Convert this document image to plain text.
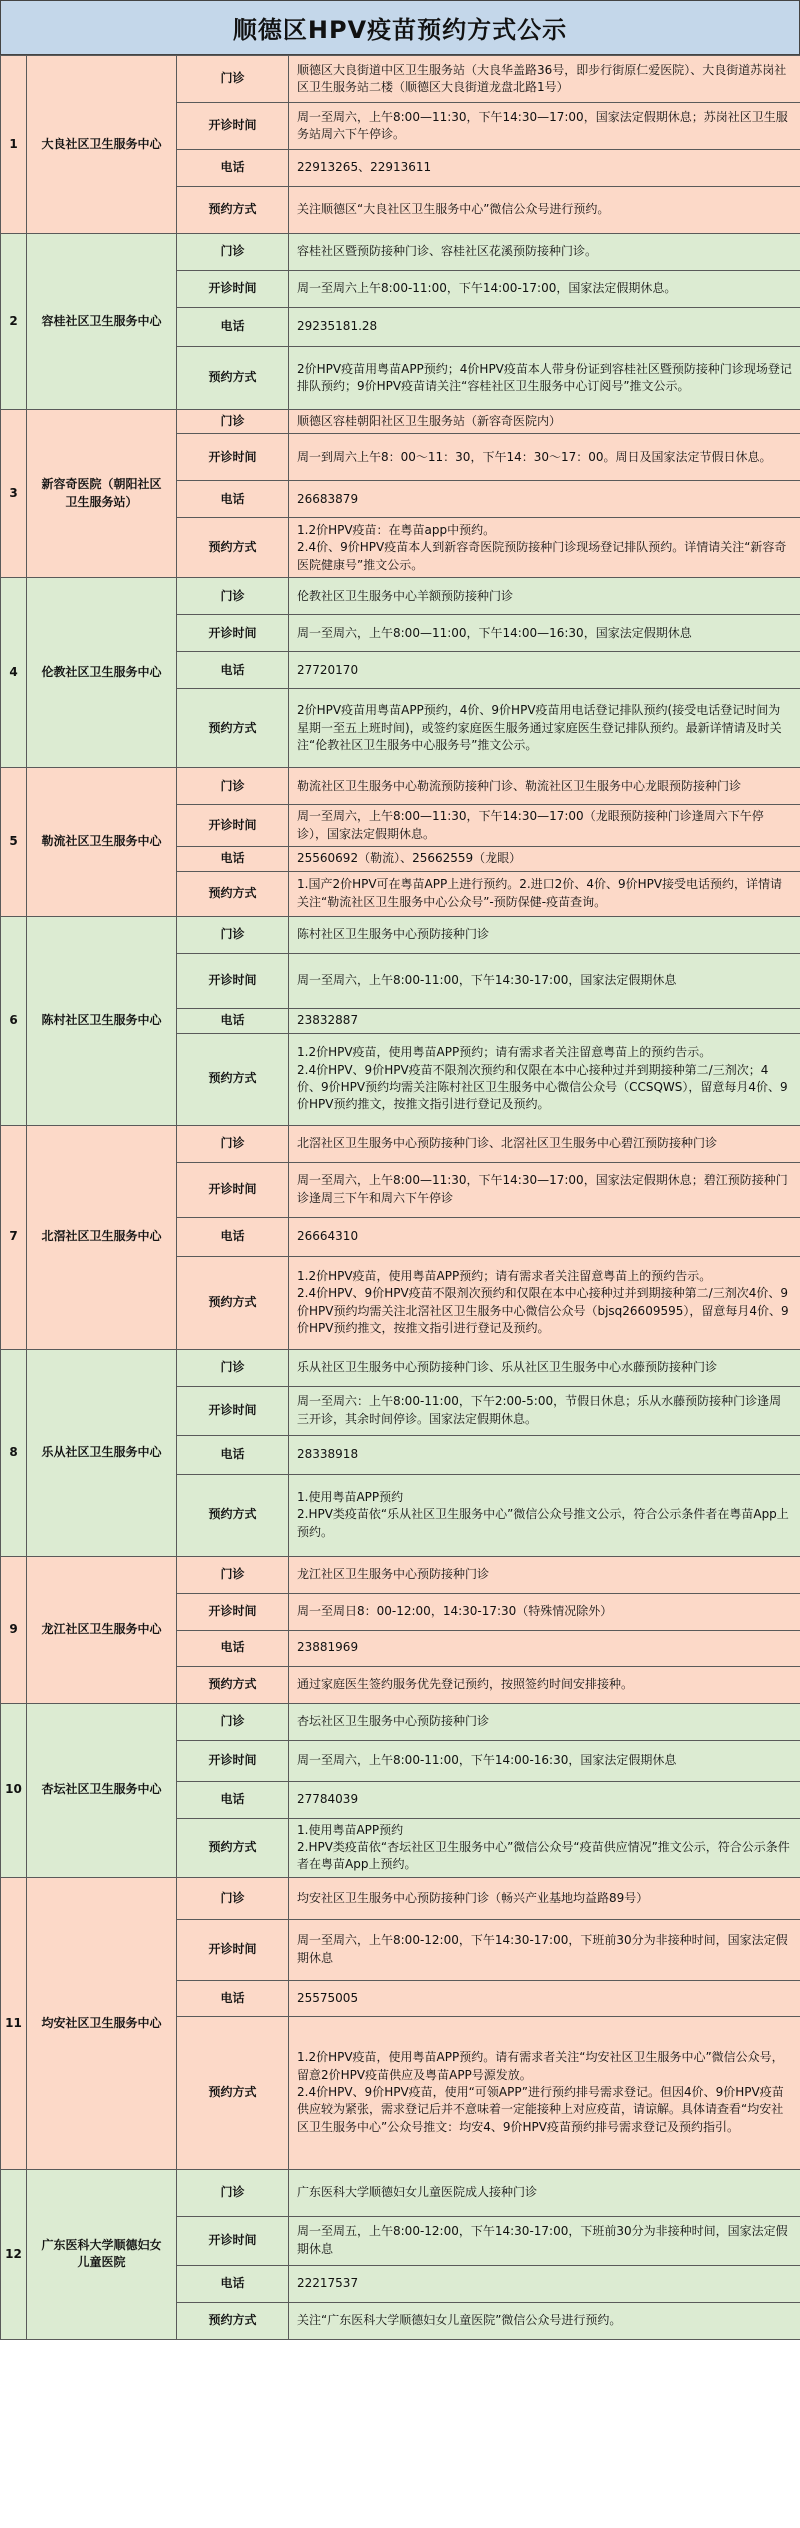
顺德区HPV疫苗预约方式公示
1	大良社区卫生服务中心	门诊	顺德区大良街道中区卫生服务站（大良华盖路36号，即步行街原仁爱医院）、大良街道苏岗社区卫生服务站二楼（顺德区大良街道龙盘北路1号）
		开诊时间	周一至周六，上午8:00—11:30，下午14:30—17:00，国家法定假期休息；苏岗社区卫生服务站周六下午停诊。
		电话	22913265、22913611
		预约方式	关注顺德区“大良社区卫生服务中心”微信公众号进行预约。
2	容桂社区卫生服务中心	门诊	容桂社区暨预防接种门诊、容桂社区花溪预防接种门诊。
		开诊时间	周一至周六上午8:00-11:00，下午14:00-17:00，国家法定假期休息。
		电话	29235181.28
		预约方式	2价HPV疫苗用粤苗APP预约；4价HPV疫苗本人带身份证到容桂社区暨预防接种门诊现场登记排队预约；9价HPV疫苗请关注“容桂社区卫生服务中心订阅号”推文公示。
3	新容奇医院（朝阳社区卫生服务站）	门诊	顺德区容桂朝阳社区卫生服务站（新容奇医院内）
		开诊时间	周一到周六上午8：00～11：30，下午14：30～17：00。周日及国家法定节假日休息。
		电话	26683879
		预约方式	1.2价HPV疫苗：在粤苗app中预约。
2.4价、9价HPV疫苗本人到新容奇医院预防接种门诊现场登记排队预约。详情请关注“新容奇医院健康号”推文公示。
4	伦教社区卫生服务中心	门诊	伦教社区卫生服务中心羊额预防接种门诊
		开诊时间	周一至周六，上午8:00—11:00，下午14:00—16:30，国家法定假期休息
		电话	27720170
		预约方式	2价HPV疫苗用粤苗APP预约，4价、9价HPV疫苗用电话登记排队预约(接受电话登记时间为星期一至五上班时间)，或签约家庭医生服务通过家庭医生登记排队预约。最新详情请及时关注“伦教社区卫生服务中心服务号”推文公示。
5	勒流社区卫生服务中心	门诊	勒流社区卫生服务中心勒流预防接种门诊、勒流社区卫生服务中心龙眼预防接种门诊
		开诊时间	周一至周六，上午8:00—11:30，下午14:30—17:00（龙眼预防接种门诊逢周六下午停诊），国家法定假期休息。
		电话	25560692（勒流）、25662559（龙眼）
		预约方式	1.国产2价HPV可在粤苗APP上进行预约。2.进口2价、4价、9价HPV接受电话预约，详情请关注“勒流社区卫生服务中心公众号”-预防保健-疫苗查询。
6	陈村社区卫生服务中心	门诊	陈村社区卫生服务中心预防接种门诊
		开诊时间	周一至周六，上午8:00-11:00，下午14:30-17:00，国家法定假期休息
		电话	23832887
		预约方式	1.2价HPV疫苗，使用粤苗APP预约；请有需求者关注留意粤苗上的预约告示。
2.4价HPV、9价HPV疫苗不限剂次预约和仅限在本中心接种过并到期接种第二/三剂次；4价、9价HPV预约均需关注陈村社区卫生服务中心微信公众号（CCSQWS），留意每月4价、9价HPV预约推文，按推文指引进行登记及预约。
7	北滘社区卫生服务中心	门诊	北滘社区卫生服务中心预防接种门诊、北滘社区卫生服务中心碧江预防接种门诊
		开诊时间	周一至周六，上午8:00—11:30，下午14:30—17:00，国家法定假期休息；碧江预防接种门诊逢周三下午和周六下午停诊
		电话	26664310
		预约方式	1.2价HPV疫苗，使用粤苗APP预约；请有需求者关注留意粤苗上的预约告示。
2.4价HPV、9价HPV疫苗不限剂次预约和仅限在本中心接种过并到期接种第二/三剂次4价、9价HPV预约均需关注北滘社区卫生服务中心微信公众号（bjsq26609595），留意每月4价、9价HPV预约推文，按推文指引进行登记及预约。
8	乐从社区卫生服务中心	门诊	乐从社区卫生服务中心预防接种门诊、乐从社区卫生服务中心水藤预防接种门诊
		开诊时间	周一至周六：上午8:00-11:00，下午2:00-5:00，节假日休息；乐从水藤预防接种门诊逢周三开诊，其余时间停诊。国家法定假期休息。
		电话	28338918
		预约方式	1.使用粤苗APP预约
2.HPV类疫苗依“乐从社区卫生服务中心”微信公众号推文公示，符合公示条件者在粤苗App上预约。
9	龙江社区卫生服务中心	门诊	龙江社区卫生服务中心预防接种门诊
		开诊时间	周一至周日8：00-12:00，14:30-17:30（特殊情况除外）
		电话	23881969
		预约方式	通过家庭医生签约服务优先登记预约，按照签约时间安排接种。
10	杏坛社区卫生服务中心	门诊	杏坛社区卫生服务中心预防接种门诊
		开诊时间	周一至周六，上午8:00-11:00，下午14:00-16:30，国家法定假期休息
		电话	27784039
		预约方式	1.使用粤苗APP预约
2.HPV类疫苗依“杏坛社区卫生服务中心”微信公众号“疫苗供应情况”推文公示，符合公示条件者在粤苗App上预约。
11	均安社区卫生服务中心	门诊	均安社区卫生服务中心预防接种门诊（畅兴产业基地均益路89号）
		开诊时间	周一至周六，上午8:00-12:00，下午14:30-17:00，下班前30分为非接种时间，国家法定假期休息
		电话	25575005
		预约方式	1.2价HPV疫苗，使用粤苗APP预约。请有需求者关注“均安社区卫生服务中心”微信公众号，留意2价HPV疫苗供应及粤苗APP号源发放。
2.4价HPV、9价HPV疫苗，使用“可领APP”进行预约排号需求登记。但因4价、9价HPV疫苗供应较为紧张，需求登记后并不意味着一定能接种上对应疫苗，请谅解。具体请查看“均安社区卫生服务中心”公众号推文：均安4、9价HPV疫苗预约排号需求登记及预约指引。
12	广东医科大学顺德妇女儿童医院	门诊	广东医科大学顺德妇女儿童医院成人接种门诊
		开诊时间	周一至周五，上午8:00-12:00，下午14:30-17:00，下班前30分为非接种时间，国家法定假期休息
		电话	22217537
		预约方式	关注“广东医科大学顺德妇女儿童医院”微信公众号进行预约。
